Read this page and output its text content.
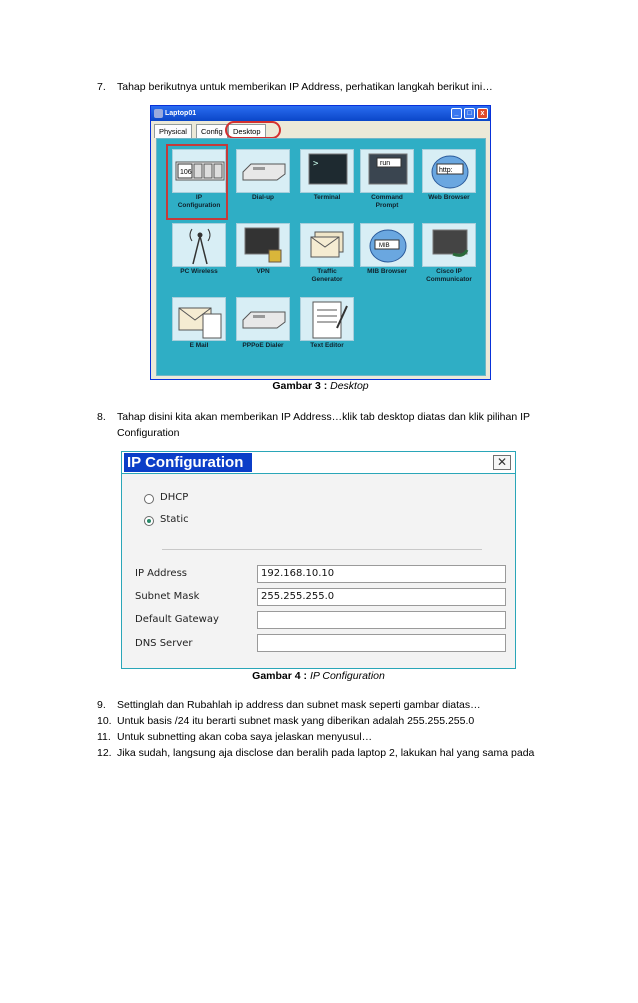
7.	Tahap berikutnya untuk memberikan IP Address, perhatikan langkah berikut ini…
Laptop01	_	□	x
Physical	Config	Desktop
106
IP
Configuration
Dial-up
>
Terminal
run
Command
Prompt
http:
Web Browser
PC Wireless	VPN	Traffic
Generator
MIB
MIB Browser	Cisco IP
Communicator
E Mail	PPPoE Dialer	Text Editor
Gambar 3 : Desktop
8.	Tahap disini kita akan memberikan IP Address…klik tab desktop diatas dan klik pilihan IP Configuration
IP Configuration	✕
DHCP
Static
IP Address	192.168.10.10
Subnet Mask	255.255.255.0
Default Gateway
DNS Server
Gambar 4 : IP Configuration
9.	Settinglah dan Rubahlah ip address dan subnet mask seperti gambar diatas…
10. Untuk basis /24 itu berarti subnet mask yang diberikan adalah 255.255.255.0
11. Untuk subnetting akan coba saya jelaskan menyusul…
12. Jika sudah, langsung aja disclose dan beralih pada laptop 2, lakukan hal yang sama pada
